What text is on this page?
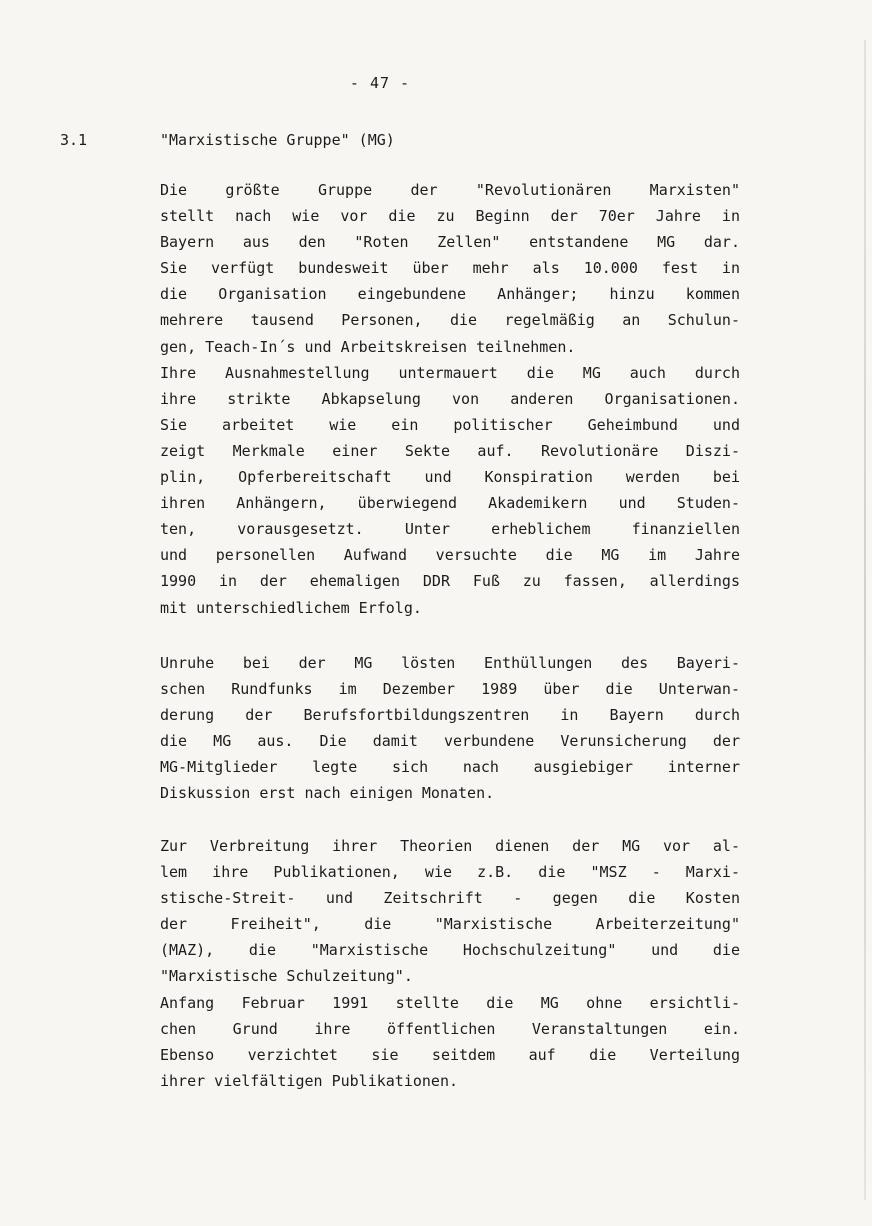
- 47 -
3.1	"Marxistische Gruppe" (MG)
Die größte Gruppe der "Revolutionären Marxisten"
stellt nach wie vor die zu Beginn der 70er Jahre in
Bayern aus den "Roten Zellen" entstandene MG dar.
Sie verfügt bundesweit über mehr als 10.000 fest in
die Organisation eingebundene Anhänger; hinzu kommen
mehrere tausend Personen, die regelmäßig an Schulun-
gen, Teach-In´s und Arbeitskreisen teilnehmen.
Ihre Ausnahmestellung untermauert die MG auch durch
ihre strikte Abkapselung von anderen Organisationen.
Sie arbeitet wie ein politischer Geheimbund und
zeigt Merkmale einer Sekte auf. Revolutionäre Diszi-
plin, Opferbereitschaft und Konspiration werden bei
ihren Anhängern, überwiegend Akademikern und Studen-
ten, vorausgesetzt. Unter erheblichem finanziellen
und personellen Aufwand versuchte die MG im Jahre
1990 in der ehemaligen DDR Fuß zu fassen, allerdings
mit unterschiedlichem Erfolg.
Unruhe bei der MG lösten Enthüllungen des Bayeri-
schen Rundfunks im Dezember 1989 über die Unterwan-
derung der Berufsfortbildungszentren in Bayern durch
die MG aus. Die damit verbundene Verunsicherung der
MG-Mitglieder legte sich nach ausgiebiger interner
Diskussion erst nach einigen Monaten.
Zur Verbreitung ihrer Theorien dienen der MG vor al-
lem ihre Publikationen, wie z.B. die "MSZ - Marxi-
stische-Streit- und Zeitschrift - gegen die Kosten
der Freiheit", die "Marxistische Arbeiterzeitung"
(MAZ), die "Marxistische Hochschulzeitung" und die
"Marxistische Schulzeitung".
Anfang Februar 1991 stellte die MG ohne ersichtli-
chen Grund ihre öffentlichen Veranstaltungen ein.
Ebenso verzichtet sie seitdem auf die Verteilung
ihrer vielfältigen Publikationen.
